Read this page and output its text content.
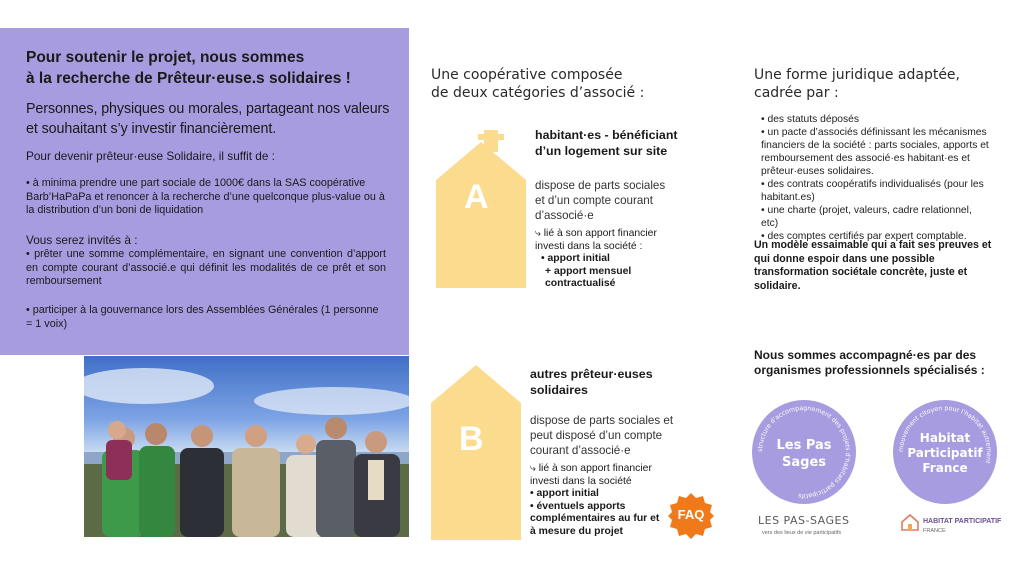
Pour soutenir le projet, nous sommes
à la recherche de Prêteur·euse.s solidaires !
Personnes, physiques ou morales, partageant nos valeurs et souhaitant s’y investir financièrement.
Pour devenir prêteur·euse Solidaire, il suffit de :
• à minima prendre une part sociale de 1000€ dans la SAS coopérative Barb’HaPaPa et renoncer à la recherche d’une quelconque plus-value ou à la distribution d’un boni de liquidation
Vous serez invités à :
• prêter une somme complémentaire, en signant une convention d’apport en compte courant d’associé.e qui définit les modalités de ce prêt et son remboursement
• participer à la gouvernance lors des Assemblées Générales (1 personne = 1 voix)
Une coopérative composée
de deux catégories d’associé :
A
habitant·es - bénéficiant
d’un logement sur site
dispose de parts sociales et d’un compte courant d’associé·e
⤷ lié à son apport financier
investi dans la société :
• apport initial
+ apport mensuel
contractualisé
B
autres prêteur·euses
solidaires
dispose de parts sociales et peut disposé d’un compte courant d’associé·e
⤷ lié à son apport financier
investi dans la société
• apport initial
• éventuels apports complémentaires au fur et à mesure du projet
FAQ
Une forme juridique adaptée,
cadrée par :
• des statuts déposés
• un pacte d’associés définissant les mécanismes financiers de la société : parts sociales, apports et remboursement des associé·es habitant·es et prêteur·euses solidaires.
• des contrats coopératifs individualisés (pour les habitant.es)
• une charte (projet, valeurs, cadre relationnel, etc)
• des comptes certifiés par expert comptable.
Un modèle essaimable qui a fait ses preuves et qui donne espoir dans une possible transformation sociétale concrète, juste et solidaire.
Nous sommes accompagné·es par des organismes professionnels spécialisés :
structure d'accompagnement des projets d'habitats participatifs
Les Pas
Sages
mouvement citoyen pour l'habitat autrement
Habitat
Participatif
France
LES PAS-SAGES
vers des lieux de vie participatifs
HABITAT PARTICIPATIF
FRANCE
